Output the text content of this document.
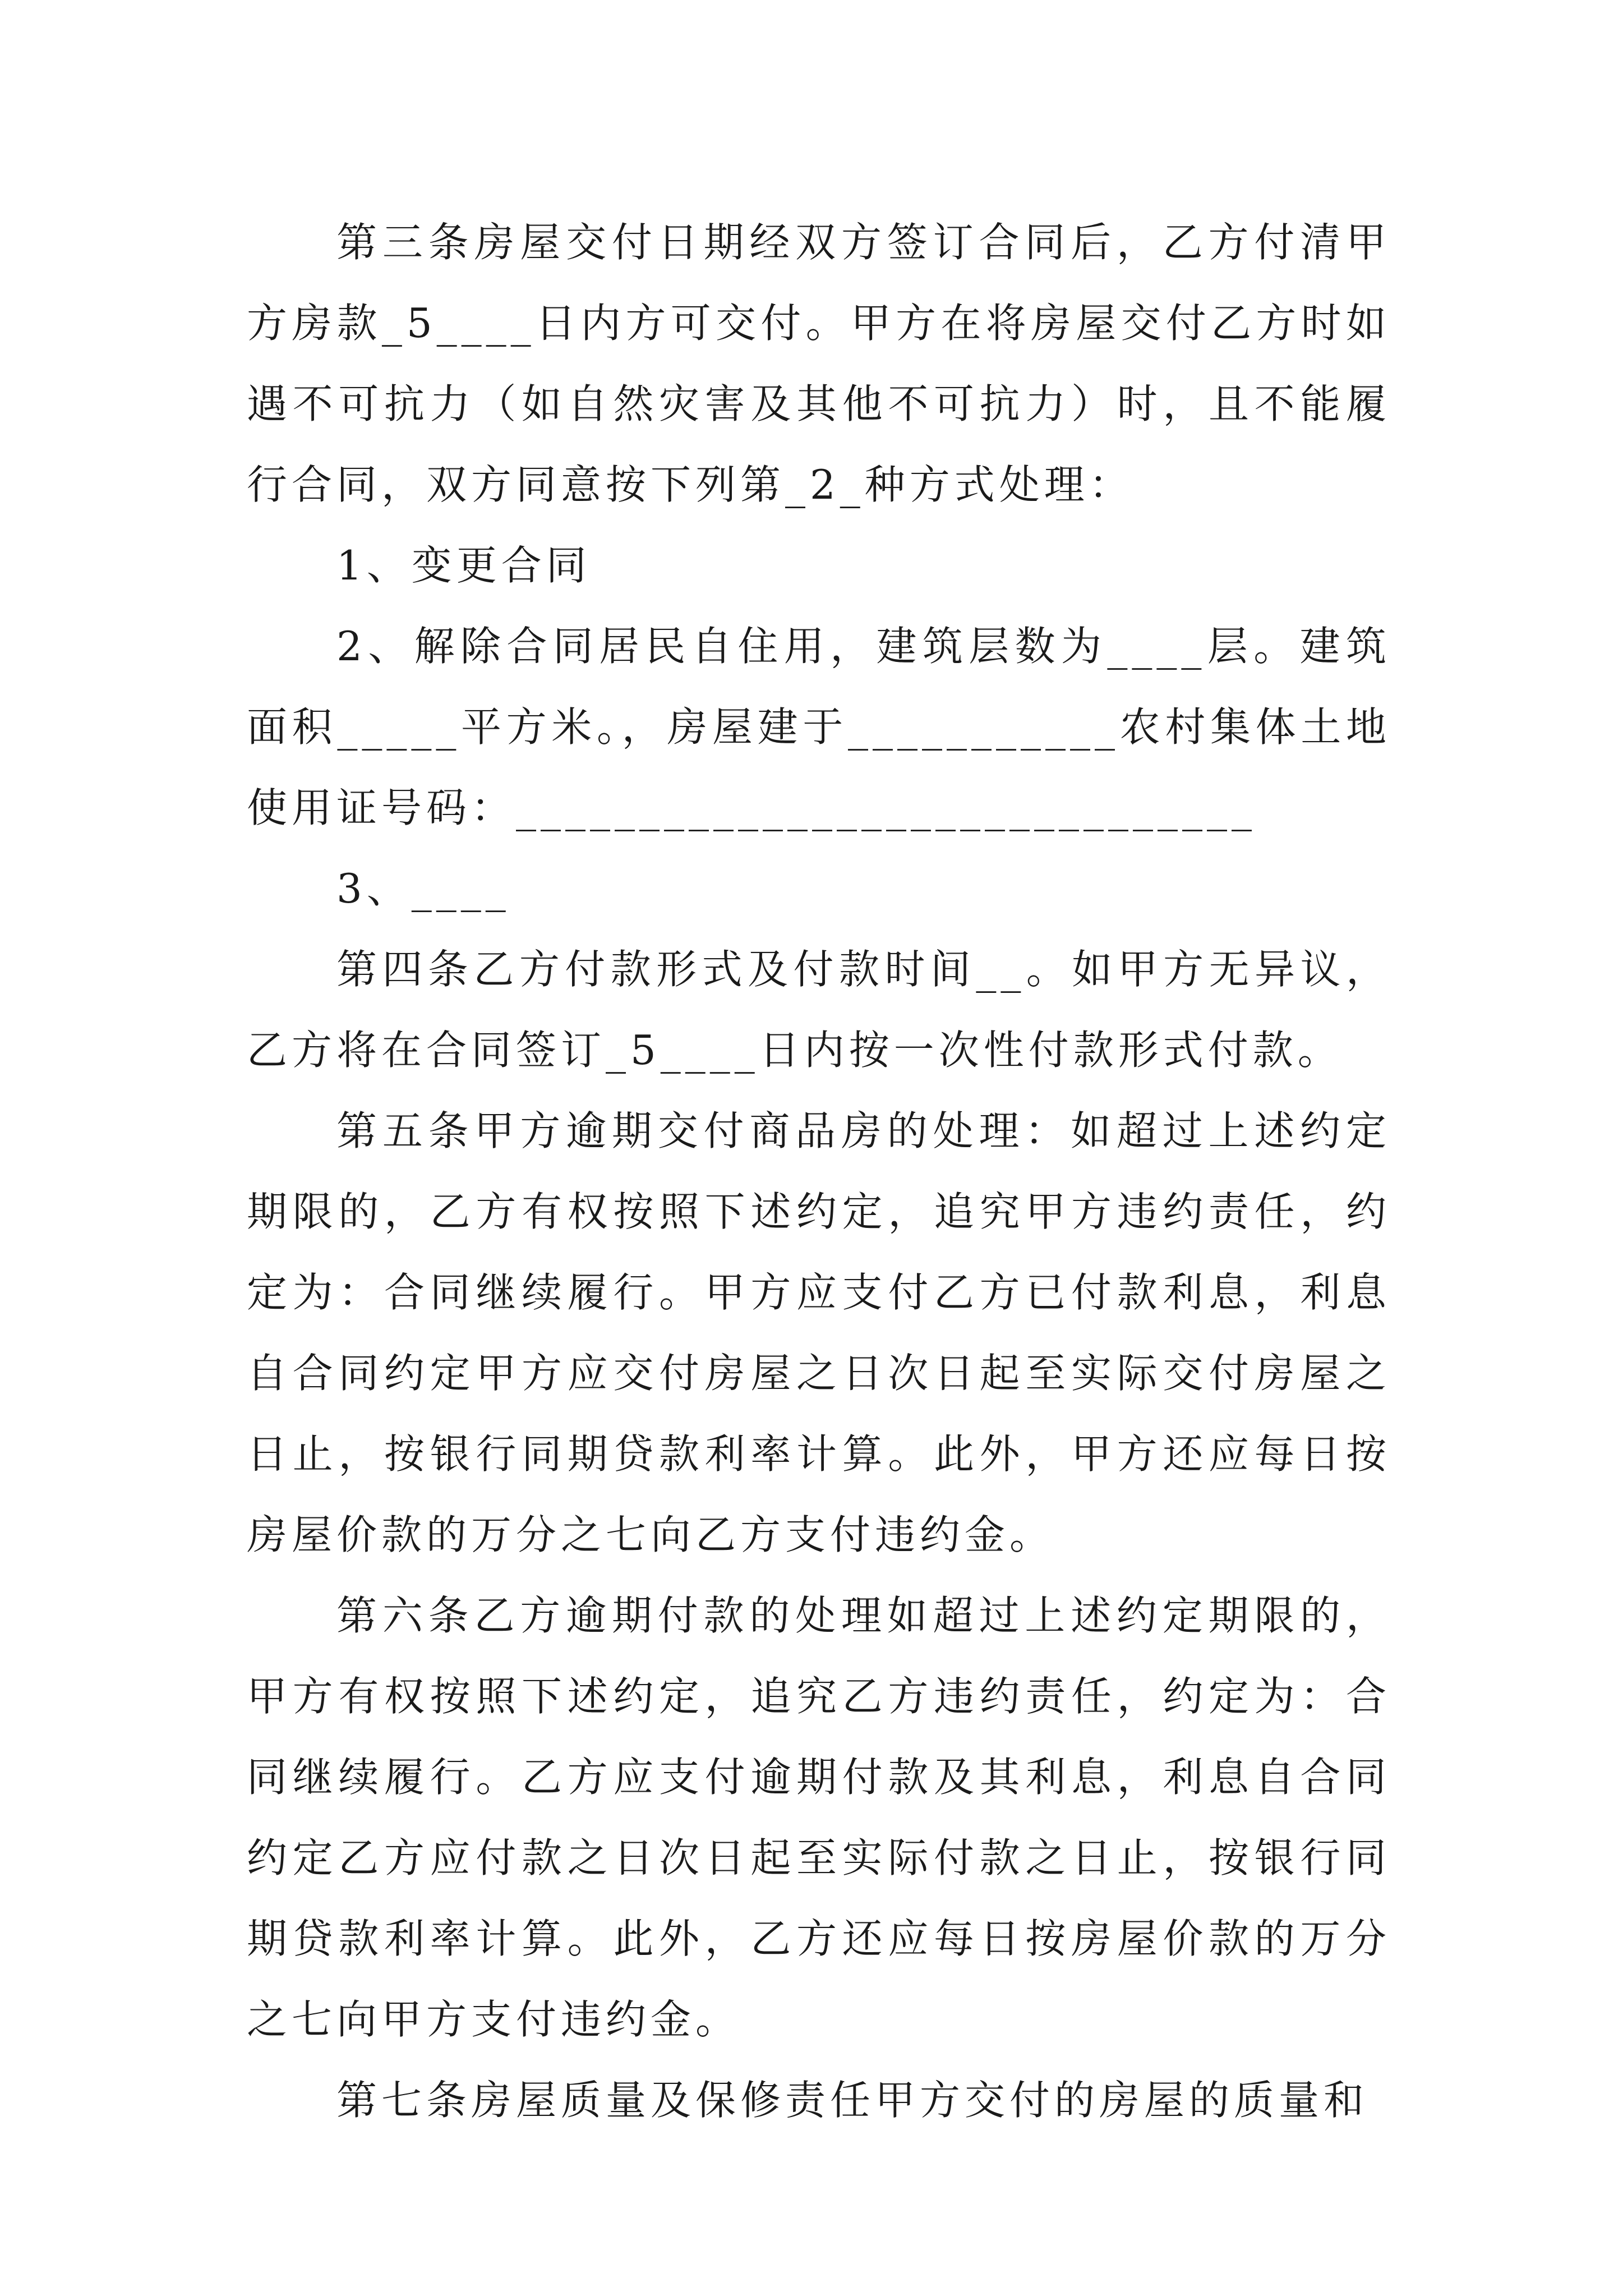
第三条房屋交付日期经双方签订合同后，乙方付清甲方房款_5____日内方可交付。甲方在将房屋交付乙方时如遇不可抗力（如自然灾害及其他不可抗力）时，且不能履行合同，双方同意按下列第_2_种方式处理：

1、变更合同

2、解除合同居民自住用，建筑层数为____层。建筑面积_____平方米。，房屋建于___________农村集体土地使用证号码：______________________________

3、____

第四条乙方付款形式及付款时间__。如甲方无异议，乙方将在合同签订_5____日内按一次性付款形式付款。

第五条甲方逾期交付商品房的处理：如超过上述约定期限的，乙方有权按照下述约定，追究甲方违约责任，约定为：合同继续履行。甲方应支付乙方已付款利息，利息自合同约定甲方应交付房屋之日次日起至实际交付房屋之日止，按银行同期贷款利率计算。此外，甲方还应每日按房屋价款的万分之七向乙方支付违约金。

第六条乙方逾期付款的处理如超过上述约定期限的，甲方有权按照下述约定，追究乙方违约责任，约定为：合同继续履行。乙方应支付逾期付款及其利息，利息自合同约定乙方应付款之日次日起至实际付款之日止，按银行同期贷款利率计算。此外，乙方还应每日按房屋价款的万分之七向甲方支付违约金。

第七条房屋质量及保修责任甲方交付的房屋的质量和
